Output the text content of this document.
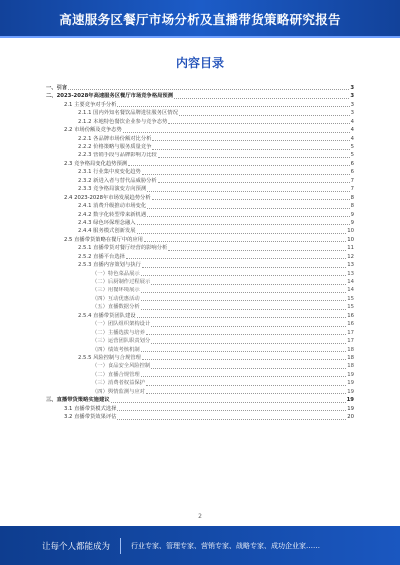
高速服务区餐厅市场分析及直播带货策略研究报告
内容目录
一、引言	3
二、2023-2028年高速服务区餐厅市场竞争格局预测	3
2.1 主要竞争对手分析	3
2.1.1 国内外知名餐饮品牌进驻服务区情况	3
2.1.2 本地特色餐饮企业参与竞争态势	4
2.2 市场份额及竞争态势	4
2.2.1 各品牌市场份额对比分析	4
2.2.2 价格策略与服务质量竞争	5
2.2.3 营销手段与品牌影响力比较	5
2.3 竞争格局变化趋势预测	6
2.3.1 行业集中度变化趋势	6
2.3.2 新进入者与替代品威胁分析	7
2.3.3 竞争格局演变方向预测	7
2.4 2023-2028年市场发展趋势分析	8
2.4.1 消费升级推动市场变化	8
2.4.2 数字化转型带来新机遇	9
2.4.3 绿色环保理念融入	9
2.4.4 服务模式创新发展	10
2.5 直播带货策略在餐厅中的应用	10
2.5.1 直播带货对餐厅经营的影响分析	11
2.5.2 直播平台选择	12
2.5.3 直播内容策划与执行	13
（一）特色菜品展示	13
（二）后厨制作过程展示	14
（三）用餐环境展示	14
（四）互动优惠活动	15
（五）直播数据分析	15
2.5.4 直播带货团队建设	16
（一）团队组织架构设计	16
（二）主播选拔与培养	17
（三）运营团队职责划分	17
（四）绩效考核机制	18
2.5.5 风险控制与合规管理	18
（一）食品安全风险控制	18
（二）直播合规管理	19
（三）消费者权益保护	19
（四）舆情监测与应对	19
三、直播带货策略实施建议	19
3.1 直播带货模式选择	19
3.2 直播带货效果评估	20
2
让每个人都能成为	行业专家、管理专家、营销专家、战略专家、成功企业家……
